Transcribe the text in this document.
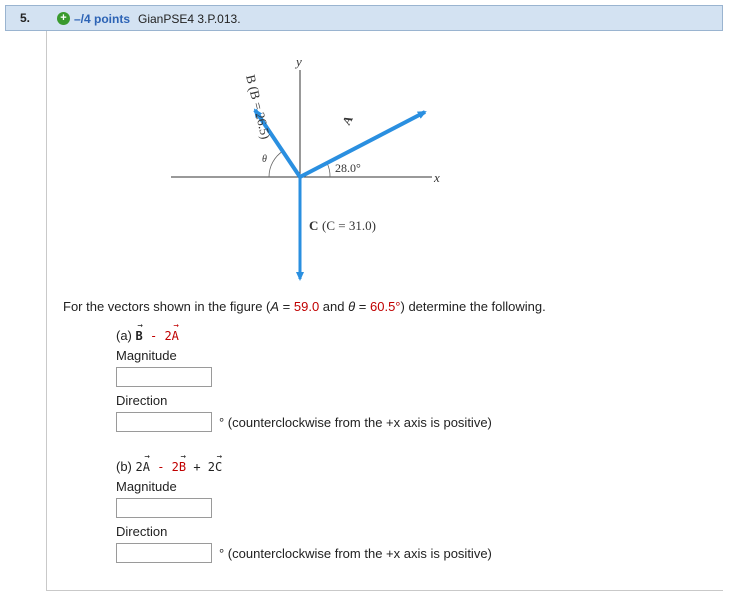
5.	+ –/4 points GianPSE4 3.P.013.
y
x
θ
28.0°
B (B = 26.5)	A
C (C = 31.0)
For the vectors shown in the figure (A = 59.0 and θ = 60.5°) determine the following.
(a)
→
B -
→
2A
Magnitude
Direction
° (counterclockwise from the +x axis is positive)
(b)
→
2A -
→
2B +
→
2C
Magnitude
Direction
° (counterclockwise from the +x axis is positive)
